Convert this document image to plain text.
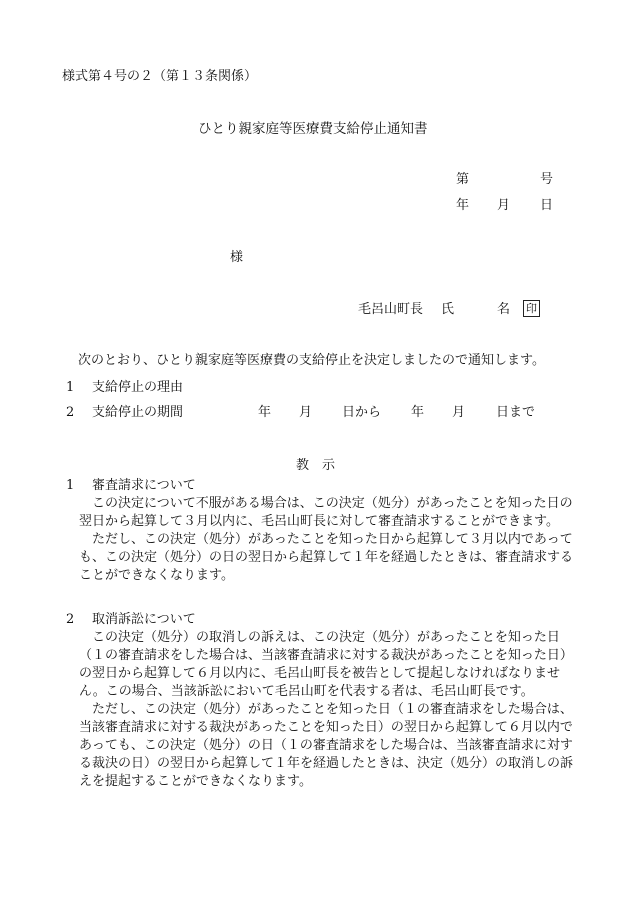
様式第４号の２（第１３条関係）
ひとり親家庭等医療費支給停止通知書
第	号
年 月 日
様
毛呂山町長 氏	名 印
次のとおり、ひとり親家庭等医療費の支給停止を決定しましたので通知します。
1 支給停止の理由
2 支給停止の期間	年 月 日から 年 月 日まで
教　示
1 審査請求について

この決定について不服がある場合は、この決定（処分）があったことを知った日の翌日から起算して３月以内に、毛呂山町長に対して審査請求することができます。

ただし、この決定（処分）があったことを知った日から起算して３月以内であっても、この決定（処分）の日の翌日から起算して１年を経過したときは、審査請求することができなくなります。

2 取消訴訟について

この決定（処分）の取消しの訴えは、この決定（処分）があったことを知った日（１の審査請求をした場合は、当該審査請求に対する裁決があったことを知った日）の翌日から起算して６月以内に、毛呂山町長を被告として提起しなければなりません。この場合、当該訴訟において毛呂山町を代表する者は、毛呂山町長です。

ただし、この決定（処分）があったことを知った日（１の審査請求をした場合は、当該審査請求に対する裁決があったことを知った日）の翌日から起算して６月以内であっても、この決定（処分）の日（１の審査請求をした場合は、当該審査請求に対する裁決の日）の翌日から起算して１年を経過したときは、決定（処分）の取消しの訴えを提起することができなくなります。
